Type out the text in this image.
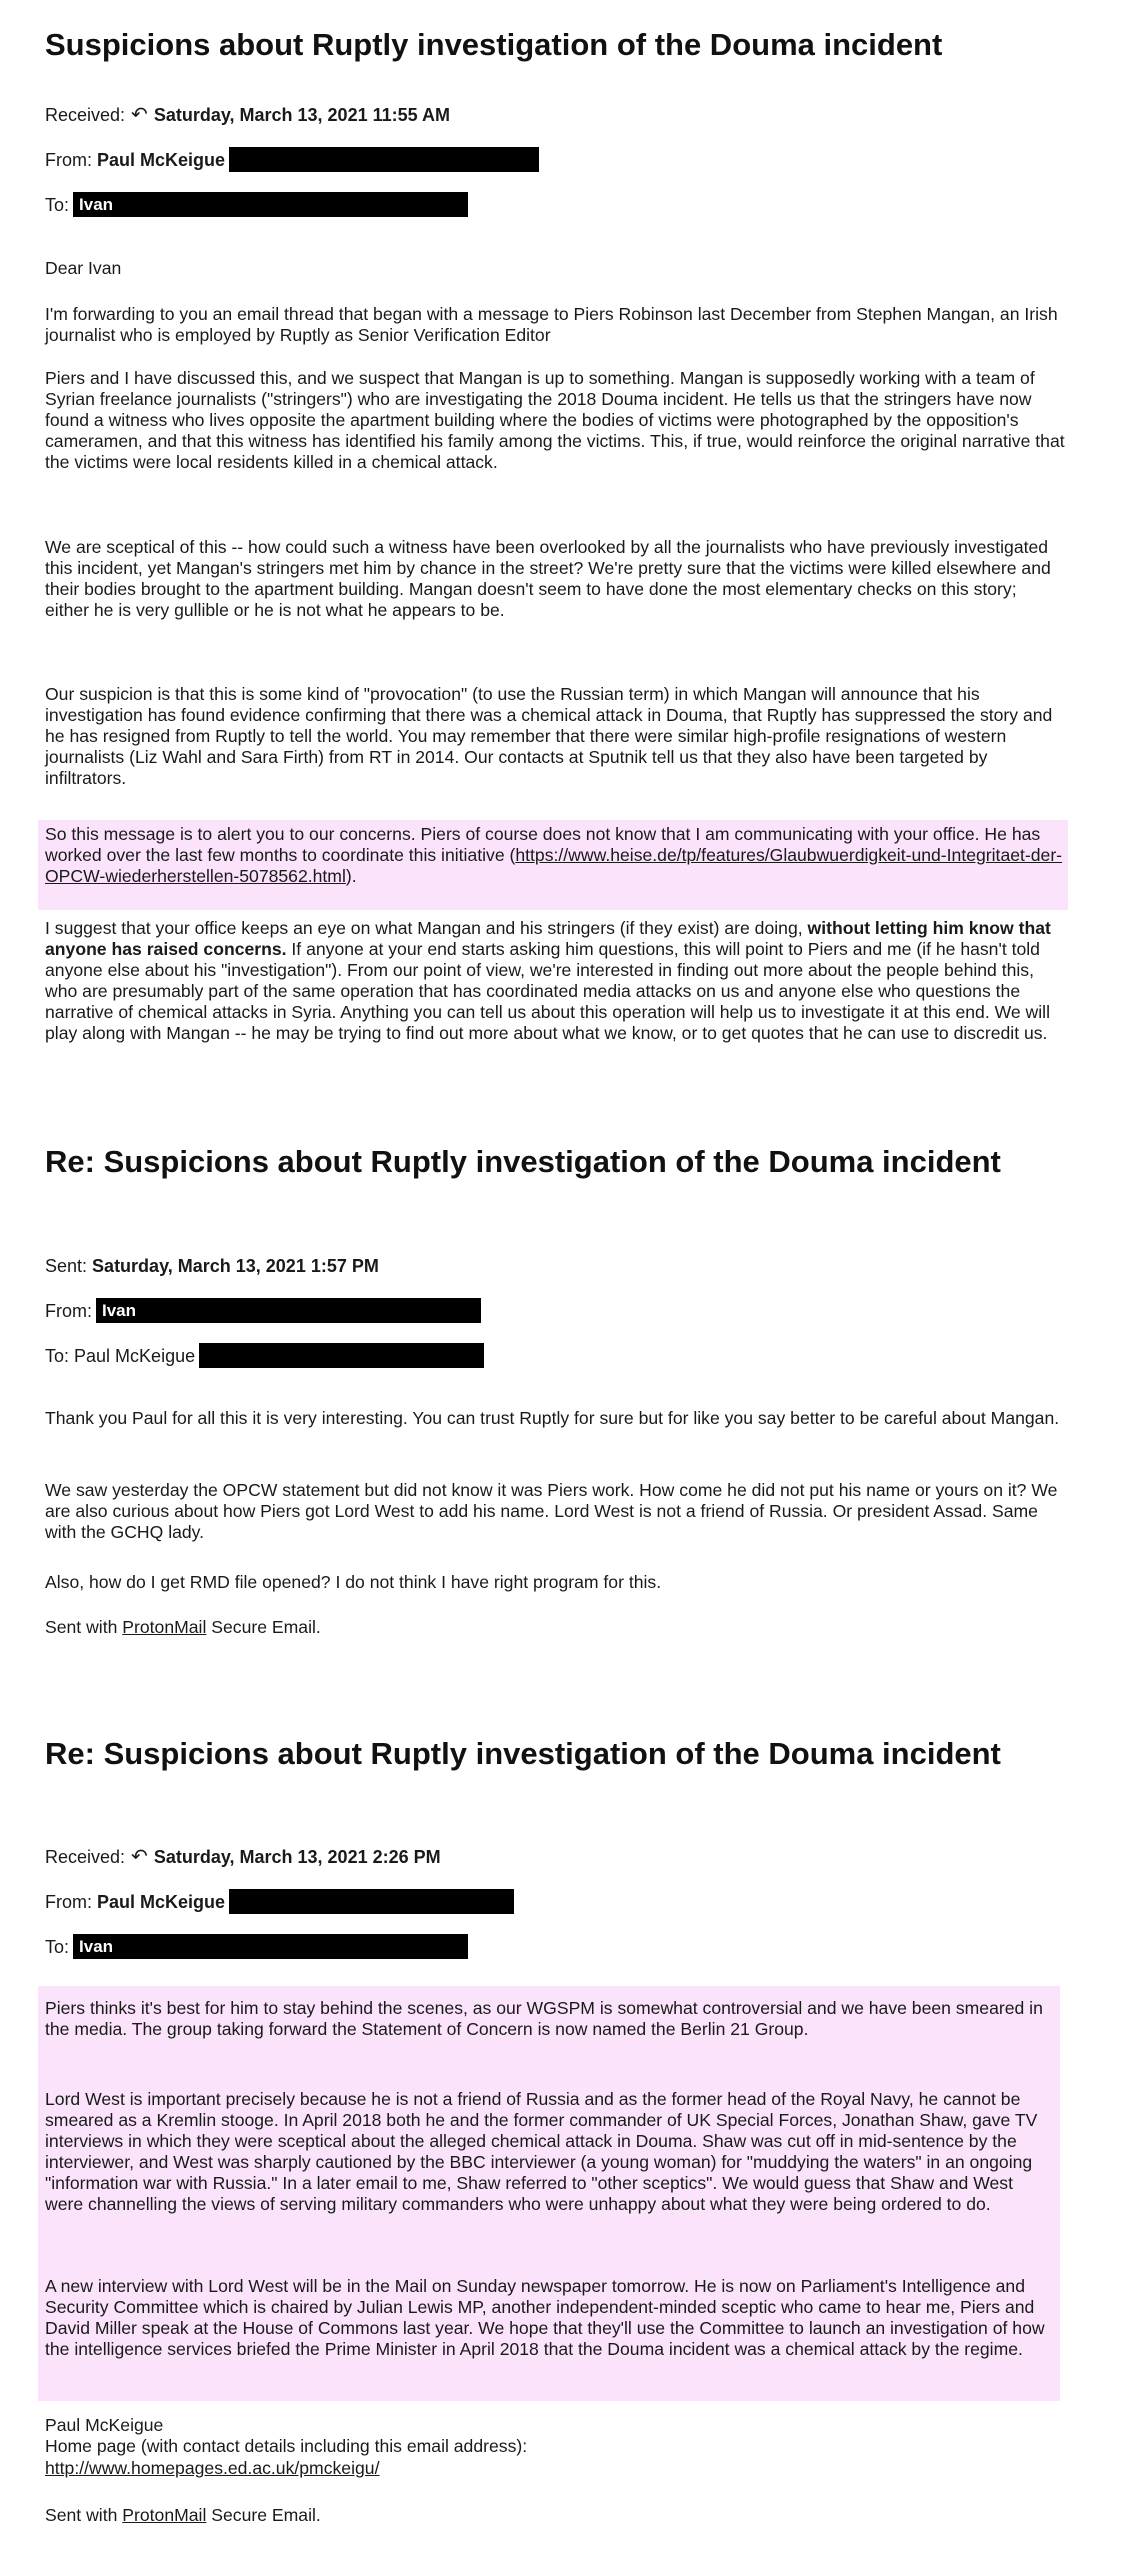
Suspicions about Ruptly investigation of the Douma incident
Received: ↶ Saturday, March 13, 2021 11:55 AM
From:
Paul McKeigue
To: Ivan

Dear Ivan

I'm forwarding to you an email thread that began with a message to Piers Robinson last December from Stephen Mangan, an Irish journalist who is employed by Ruptly as Senior Verification Editor

Piers and I have discussed this, and we suspect that Mangan is up to something. Mangan is supposedly working with a team of Syrian freelance journalists ("stringers") who are investigating the 2018 Douma incident. He tells us that the stringers have now found a witness who lives opposite the apartment building where the bodies of victims were photographed by the opposition's cameramen, and that this witness has identified his family among the victims. This, if true, would reinforce the original narrative that the victims were local residents killed in a chemical attack.

We are sceptical of this -- how could such a witness have been overlooked by all the journalists who have previously investigated this incident, yet Mangan's stringers met him by chance in the street? We're pretty sure that the victims were killed elsewhere and their bodies brought to the apartment building. Mangan doesn't seem to have done the most elementary checks on this story; either he is very gullible or he is not what he appears to be.

Our suspicion is that this is some kind of "provocation" (to use the Russian term) in which Mangan will announce that his investigation has found evidence confirming that there was a chemical attack in Douma, that Ruptly has suppressed the story and he has resigned from Ruptly to tell the world. You may remember that there were similar high-profile resignations of western journalists (Liz Wahl and Sara Firth) from RT in 2014. Our contacts at Sputnik tell us that they also have been targeted by infiltrators.

So this message is to alert you to our concerns. Piers of course does not know that I am communicating with your office. He has worked over the last few months to coordinate this initiative (https://www.heise.de/tp/features/Glaubwuerdigkeit-und-Integritaet-der-OPCW-wiederherstellen-5078562.html).

I suggest that your office keeps an eye on what Mangan and his stringers (if they exist) are doing, without letting him know that anyone has raised concerns. If anyone at your end starts asking him questions, this will point to Piers and me (if he hasn't told anyone else about his "investigation"). From our point of view, we're interested in finding out more about the people behind this, who are presumably part of the same operation that has coordinated media attacks on us and anyone else who questions the narrative of chemical attacks in Syria. Anything you can tell us about this operation will help us to investigate it at this end. We will play along with Mangan -- he may be trying to find out more about what we know, or to get quotes that he can use to discredit us.

Re: Suspicions about Ruptly investigation of the Douma incident
Sent:
Saturday, March 13, 2021 1:57 PM
From: Ivan
To:
Paul McKeigue

Thank you Paul for all this it is very interesting. You can trust Ruptly for sure but for like you say better to be careful about Mangan.

We saw yesterday the OPCW statement but did not know it was Piers work. How come he did not put his name or yours on it? We are also curious about how Piers got Lord West to add his name. Lord West is not a friend of Russia. Or president Assad. Same with the GCHQ lady.

Also, how do I get RMD file opened? I do not think I have right program for this.

Sent with ProtonMail Secure Email.

Re: Suspicions about Ruptly investigation of the Douma incident
Received: ↶ Saturday, March 13, 2021 2:26 PM
From:
Paul McKeigue
To: Ivan

Piers thinks it's best for him to stay behind the scenes, as our WGSPM is somewhat controversial and we have been smeared in the media. The group taking forward the Statement of Concern is now named the Berlin 21 Group.

Lord West is important precisely because he is not a friend of Russia and as the former head of the Royal Navy, he cannot be smeared as a Kremlin stooge. In April 2018 both he and the former commander of UK Special Forces, Jonathan Shaw, gave TV interviews in which they were sceptical about the alleged chemical attack in Douma. Shaw was cut off in mid-sentence by the interviewer, and West was sharply cautioned by the BBC interviewer (a young woman) for "muddying the waters" in an ongoing "information war with Russia." In a later email to me, Shaw referred to "other sceptics". We would guess that Shaw and West were channelling the views of serving military commanders who were unhappy about what they were being ordered to do.

A new interview with Lord West will be in the Mail on Sunday newspaper tomorrow. He is now on Parliament's Intelligence and Security Committee which is chaired by Julian Lewis MP, another independent-minded sceptic who came to hear me, Piers and David Miller speak at the House of Commons last year. We hope that they'll use the Committee to launch an investigation of how the intelligence services briefed the Prime Minister in April 2018 that the Douma incident was a chemical attack by the regime.

Paul McKeigue
Home page (with contact details including this email address):
http://www.homepages.ed.ac.uk/pmckeigu/
Sent with ProtonMail Secure Email.
